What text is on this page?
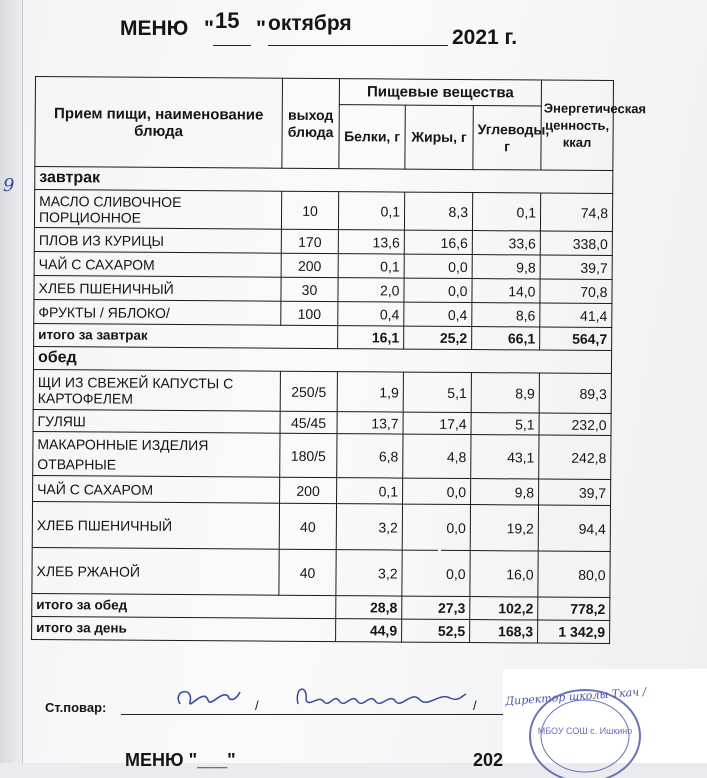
9
МЕНЮ " 15 " октября
2021 г.
Прием пищи, наименование блюда	выход блюда	Пищевые вещества			Энергетическая ценность, ккал
		Белки, г	Жиры, г	Углеводы, г	
завтрак					
МАСЛО СЛИВОЧНОЕ ПОРЦИОННОЕ	10	0,1	8,3	0,1	74,8
ПЛОВ ИЗ КУРИЦЫ	170	13,6	16,6	33,6	338,0
ЧАЙ С САХАРОМ	200	0,1	0,0	9,8	39,7
ХЛЕБ ПШЕНИЧНЫЙ	30	2,0	0,0	14,0	70,8
ФРУКТЫ / ЯБЛОКО/	100	0,4	0,4	8,6	41,4
итого за завтрак		16,1	25,2	66,1	564,7
обед					
ЩИ ИЗ СВЕЖЕЙ КАПУСТЫ С КАРТОФЕЛЕМ	250/5	1,9	5,1	8,9	89,3
ГУЛЯШ	45/45	13,7	17,4	5,1	232,0
МАКАРОННЫЕ ИЗДЕЛИЯ ОТВАРНЫЕ	180/5	6,8	4,8	43,1	242,8
ЧАЙ С САХАРОМ	200	0,1	0,0	9,8	39,7
ХЛЕБ ПШЕНИЧНЫЙ	40	3,2	0,0	19,2	94,4
ХЛЕБ РЖАНОЙ	40	3,2	0,0	16,0	80,0
итого за обед		28,8	27,3	102,2	778,2
итого за день		44,9	52,5	168,3	1 342,9
Ст.повар:	/	/
МБОУ СОШ с. Ишкино
Директор школы Ткач /
МЕНЮ "___"	202
